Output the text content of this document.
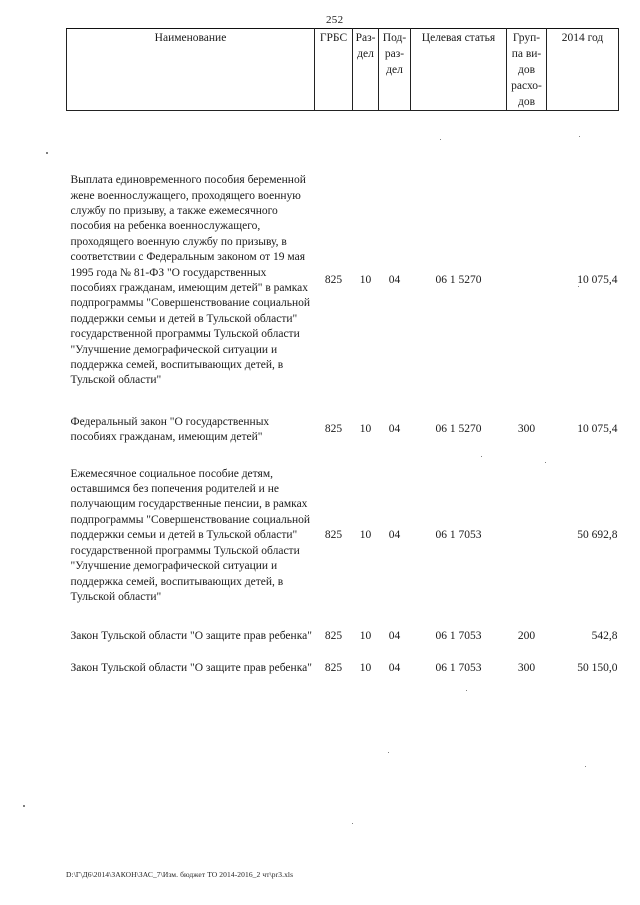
252
Наименование	ГРБС	Раз-дел	Под-раз-дел	Целевая статья	Груп-па ви-дов расхо-дов	2014 год

Выплата единовременного пособия беременной жене военнослужащего, проходящего военную службу по призыву, а также ежемесячного пособия на ребенка военнослужащего, проходящего военную службу по призыву, в соответствии с Федеральным законом от 19 мая 1995 года № 81-ФЗ "О государственных пособиях гражданам, имеющим детей" в рамках подпрограммы "Совершенствование социальной поддержки семьи и детей в Тульской области" государственной программы Тульской области "Улучшение демографической ситуации и поддержка семей, воспитывающих детей, в Тульской области"	825	10	04	06 1 5270		10 075,4
Федеральный закон "О государственных пособиях гражданам, имеющим детей"	825	10	04	06 1 5270	300	10 075,4
Ежемесячное социальное пособие детям, оставшимся без попечения родителей и не получающим государственные пенсии, в рамках подпрограммы "Совершенствование социальной поддержки семьи и детей в Тульской области" государственной программы Тульской области "Улучшение демографической ситуации и поддержка семей, воспитывающих детей, в Тульской области"	825	10	04	06 1 7053		50 692,8
Закон Тульской области "О защите прав ребенка"	825	10	04	06 1 7053	200	542,8
Закон Тульской области "О защите прав ребенка"	825	10	04	06 1 7053	300	50 150,0
D:\Г\Д6\2014\ЗАКОН\ЗАС_7\Изм. бюджет ТО 2014-2016_2 чт\pr3.xls
